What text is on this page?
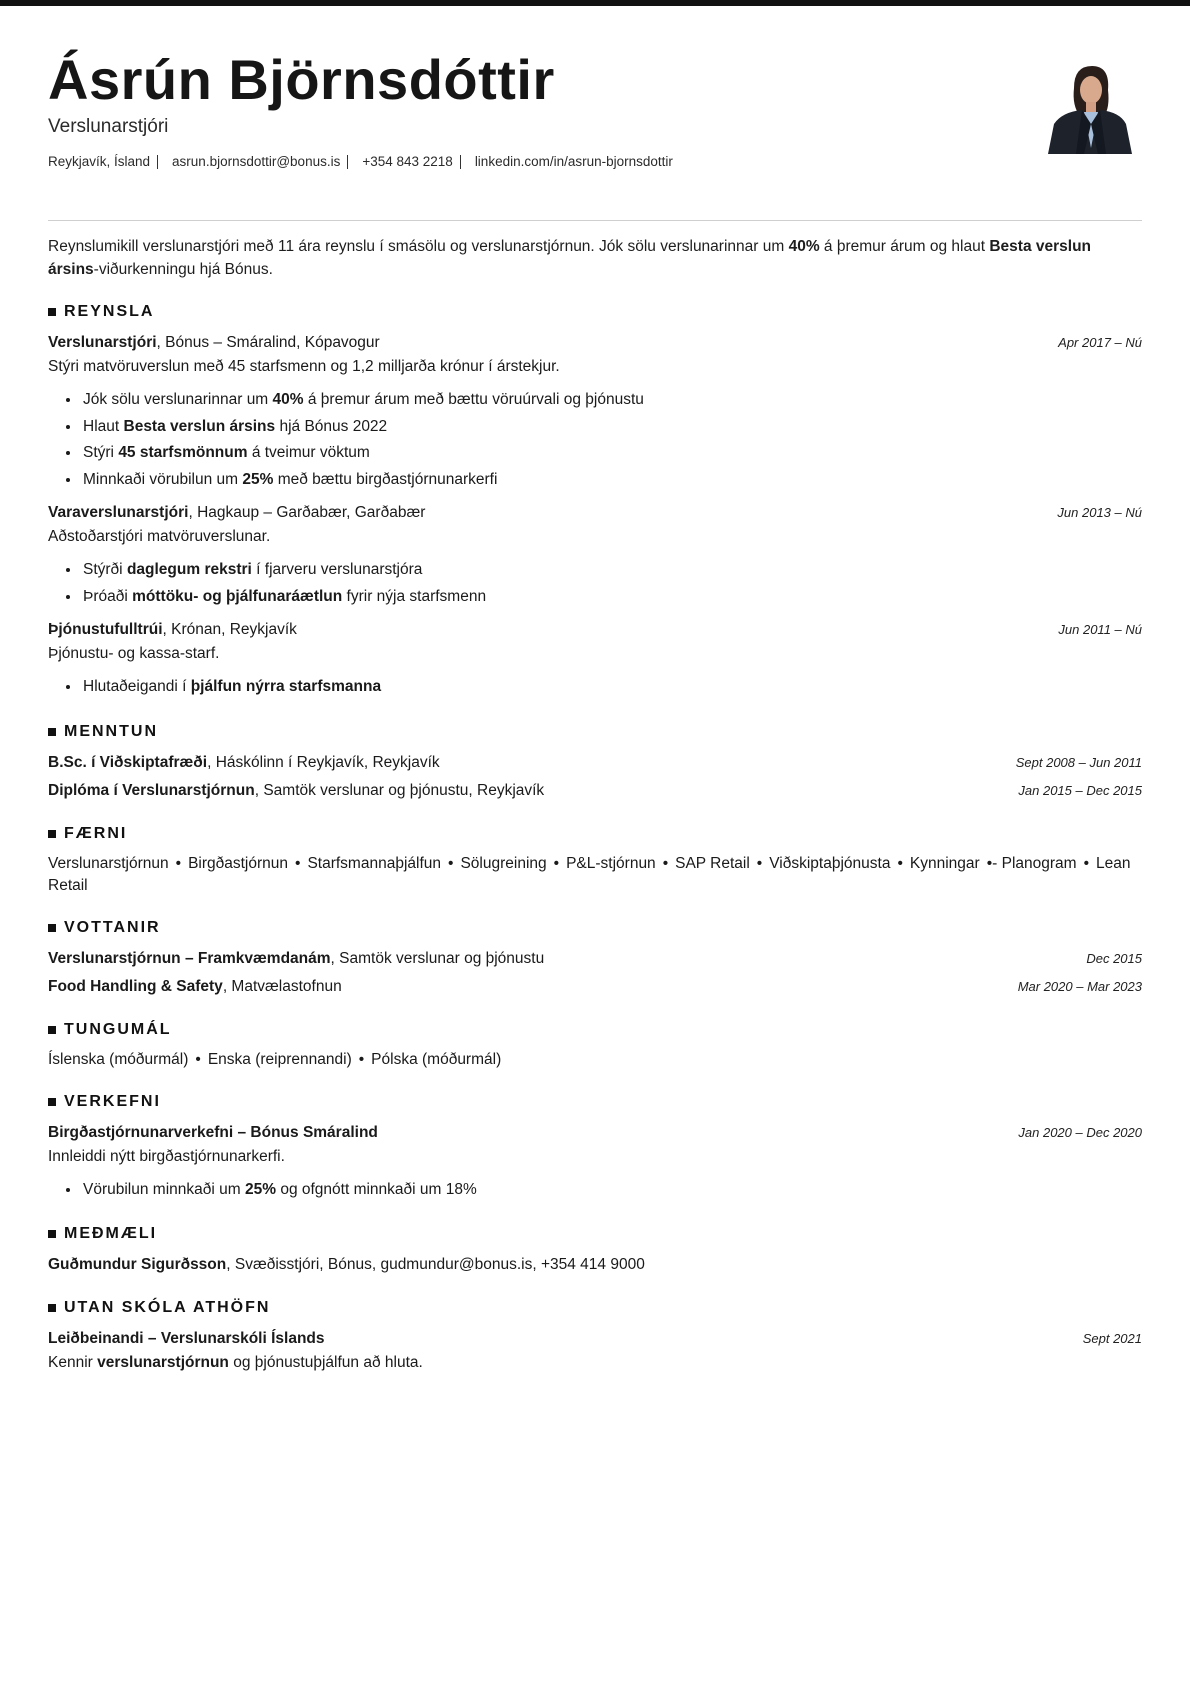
Ásrún Björnsdóttir
Verslunarstjóri
Reykjavík, Ísland asrun.bjornsdottir@bonus.is +354 843 2218 linkedin.com/in/asrun-bjornsdottir
Reynslumikill verslunarstjóri með 11 ára reynslu í smásölu og verslunarstjórnun. Jók sölu verslunarinnar um 40% á þremur árum og hlaut Besta verslun ársins-viðurkenningu hjá Bónus.
REYNSLA
Verslunarstjóri, Bónus – Smáralind, Kópavogur	Apr 2017 – Nú
Stýri matvöruverslun með 45 starfsmenn og 1,2 milljarða krónur í árstekjur.
• Jók sölu verslunarinnar um 40% á þremur árum með bættu vöruúrvali og þjónustu
• Hlaut Besta verslun ársins hjá Bónus 2022
• Stýri 45 starfsmönnum á tveimur vöktum
• Minnkaði vörubilun um 25% með bættu birgðastjórnunarkerfi
Varaverslunarstjóri, Hagkaup – Garðabær, Garðabær	Jun 2013 – Nú
Aðstoðarstjóri matvöruverslunar.
• Stýrði daglegum rekstri í fjarveru verslunarstjóra
• Þróaði móttöku- og þjálfunaráætlun fyrir nýja starfsmenn
Þjónustufulltrúi, Krónan, Reykjavík	Jun 2011 – Nú
Þjónustu- og kassa-starf.
• Hlutaðeigandi í þjálfun nýrra starfsmanna
MENNTUN
B.Sc. í Viðskiptafræði, Háskólinn í Reykjavík, Reykjavík	Sept 2008 – Jun 2011
Diplóma í Verslunarstjórnun, Samtök verslunar og þjónustu, Reykjavík	Jan 2015 – Dec 2015
FÆRNI
Verslunarstjórnun • Birgðastjórnun • Starfsmannaþjálfun • Sölugreining • P&L-stjórnun • SAP Retail • Viðskiptaþjónusta • Kynningar •- Planogram • Lean Retail
VOTTANIR
Verslunarstjórnun – Framkvæmdanám, Samtök verslunar og þjónustu	Dec 2015
Food Handling & Safety, Matvælastofnun	Mar 2020 – Mar 2023
TUNGUMÁL
Íslenska (móðurmál) • Enska (reiprennandi) • Pólska (móðurmál)
VERKEFNI
Birgðastjórnunarverkefni – Bónus Smáralind	Jan 2020 – Dec 2020
Innleiddi nýtt birgðastjórnunarkerfi.
• Vörubilun minnkaði um 25% og ofgnótt minnkaði um 18%
MEÐMÆLI
Guðmundur Sigurðsson, Svæðisstjóri, Bónus, gudmundur@bonus.is, +354 414 9000
UTAN SKÓLA ATHÖFN
Leiðbeinandi – Verslunarskóli Íslands	Sept 2021
Kennir verslunarstjórnun og þjónustuþjálfun að hluta.
